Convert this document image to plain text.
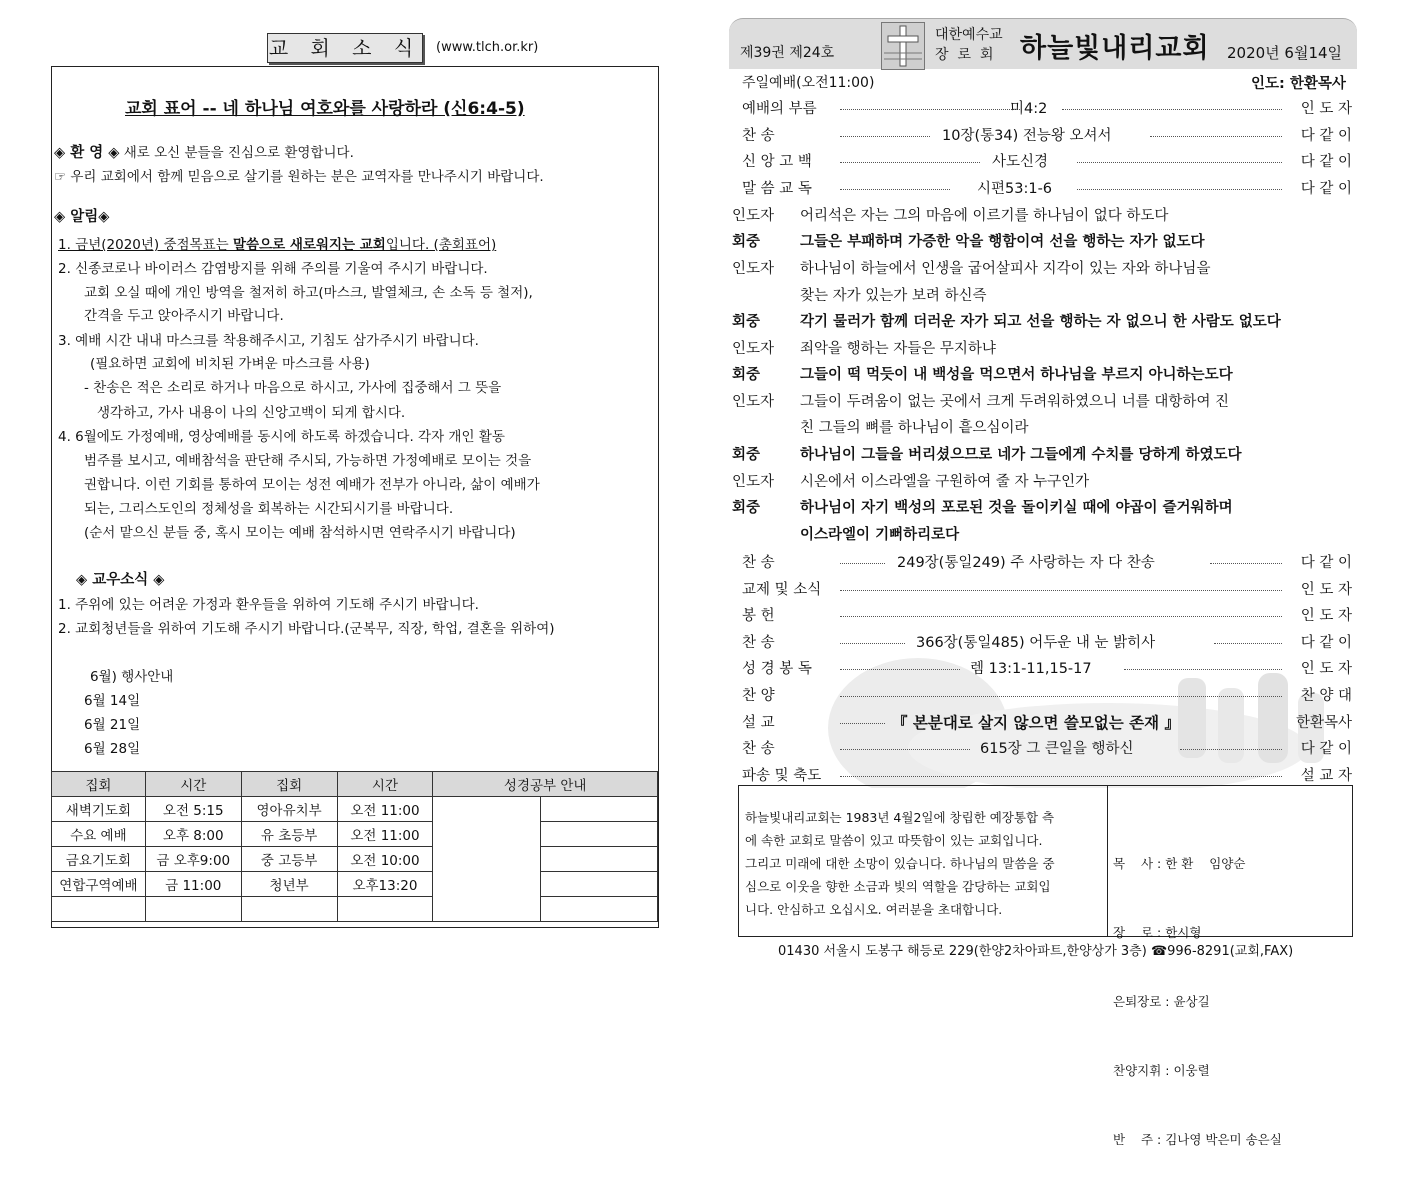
교 회 소 식 (www.tlch.or.kr)
교회 표어 -- 네 하나님 여호와를 사랑하라 (신6:4-5)
◈ 환 영 ◈ 새로 오신 분들을 진심으로 환영합니다.
☞ 우리 교회에서 함께 믿음으로 살기를 원하는 분은 교역자를 만나주시기 바랍니다.
◈ 알림◈
1. 금년(2020년) 중점목표는 말씀으로 새로워지는 교회입니다. (총회표어)
2. 신종코로나 바이러스 감염방지를 위해 주의를 기울여 주시기 바랍니다.
교회 오실 때에 개인 방역을 철저히 하고(마스크, 발열체크, 손 소독 등 철저),
간격을 두고 앉아주시기 바랍니다.
3. 예배 시간 내내 마스크를 착용해주시고, 기침도 삼가주시기 바랍니다.
(필요하면 교회에 비치된 가벼운 마스크를 사용)
- 찬송은 적은 소리로 하거나 마음으로 하시고, 가사에 집중해서 그 뜻을
생각하고, 가사 내용이 나의 신앙고백이 되게 합시다.
4. 6월에도 가정예배, 영상예배를 동시에 하도록 하겠습니다. 각자 개인 활동
범주를 보시고, 예배참석을 판단해 주시되, 가능하면 가정예배로 모이는 것을
권합니다. 이런 기회를 통하여 모이는 성전 예배가 전부가 아니라, 삶이 예배가
되는, 그리스도인의 정체성을 회복하는 시간되시기를 바랍니다.
(순서 맡으신 분들 중, 혹시 모이는 예배 참석하시면 연락주시기 바랍니다)
◈ 교우소식 ◈
1. 주위에 있는 어려운 가정과 환우들을 위하여 기도해 주시기 바랍니다.
2. 교회청년들을 위하여 기도해 주시기 바랍니다.(군복무, 직장, 학업, 결혼을 위하여)
6월) 행사안내
6월 14일
6월 21일
6월 28일
집회	시간	집회	시간	성경공부 안내	
새벽기도회	오전 5:15	영아유치부	오전 11:00		
수요 예배	오후 8:00	유 초등부	오전 11:00		
금요기도회	금 오후9:00	중 고등부	오전 10:00		
연합구역예배	금 11:00	청년부	오후13:20		

제39권 제24호
대한예수교
장로회 하늘빛내리교회 2020년 6월14일
주일예배(오전11:00)	인도: 한환목사
예배의 부름	미4:2	인 도 자
찬 송	10장(통34) 전능왕 오셔서	다 같 이
신 앙 고 백	사도신경	다 같 이
말 씀 교 독	시편53:1-6	다 같 이
인도자 어리석은 자는 그의 마음에 이르기를 하나님이 없다 하도다
회중	그들은 부패하며 가증한 악을 행함이여 선을 행하는 자가 없도다
인도자 하나님이 하늘에서 인생을 굽어살피사 지각이 있는 자와 하나님을
찾는 자가 있는가 보려 하신즉
회중	각기 물러가 함께 더러운 자가 되고 선을 행하는 자 없으니 한 사람도 없도다
인도자 죄악을 행하는 자들은 무지하냐
회중	그들이 떡 먹듯이 내 백성을 먹으면서 하나님을 부르지 아니하는도다
인도자 그들이 두려움이 없는 곳에서 크게 두려워하였으니 너를 대항하여 진
친 그들의 뼈를 하나님이 흩으심이라
회중	하나님이 그들을 버리셨으므로 네가 그들에게 수치를 당하게 하였도다
인도자 시온에서 이스라엘을 구원하여 줄 자 누구인가
회중	하나님이 자기 백성의 포로된 것을 돌이키실 때에 야곱이 즐거워하며
이스라엘이 기뻐하리로다
찬 송	249장(통일249) 주 사랑하는 자 다 찬송	다 같 이
교제 및 소식	인 도 자
봉 헌	인 도 자
찬 송	366장(통일485) 어두운 내 눈 밝히사	다 같 이
성 경 봉 독	렘 13:1-11,15-17	인 도 자
찬 양	찬 양 대
설 교	『 본분대로 살지 않으면 쓸모없는 존재 』	한환목사
찬 송	615장 그 큰일을 행하신	다 같 이
파송 및 축도	설 교 자
하늘빛내리교회는 1983년 4월2일에 창립한 예장통합 측
에 속한 교회로 말씀이 있고 따뜻함이 있는 교회입니다.
그리고 미래에 대한 소망이 있습니다. 하나님의 말씀을 중
심으로 이웃을 향한 소금과 빛의 역할을 감당하는 교회입
니다. 안심하고 오십시오. 여러분을 초대합니다.

목    사 : 한 환    임양순

장    로 : 한시형

은퇴장로 : 윤상길

찬양지휘 : 이웅렬

반    주 : 김나영 박은미 송은실

01430 서울시 도봉구 해등로 229(한양2차아파트,한양상가 3층) ☎996-8291(교회,FAX)
